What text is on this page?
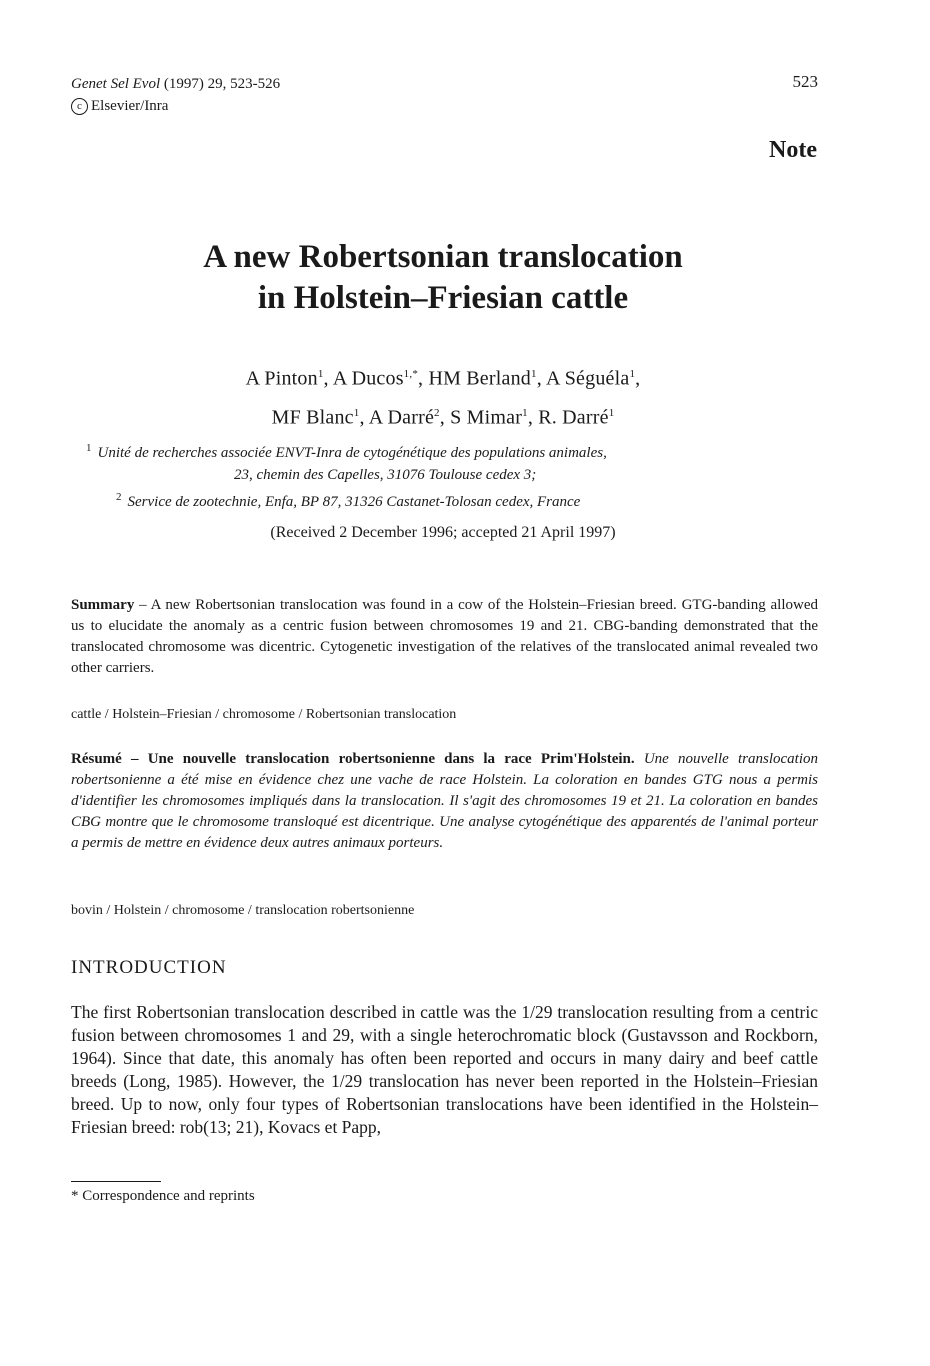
Genet Sel Evol (1997) 29, 523-526
c Elsevier/Inra
523
Note
A new Robertsonian translocation
in Holstein–Friesian cattle
A Pinton$^1$, A Ducos$^{1,*}$, HM Berland$^1$, A Séguéla$^1$,
MF Blanc$^1$, A Darré$^2$, S Mimar$^1$, R. Darré$^1$
$^1$ Unité de recherches associée ENVT-Inra de cytogénétique des populations animales,
23, chemin des Capelles, 31076 Toulouse cedex 3;
$^2$ Service de zootechnie, Enfa, BP 87, 31326 Castanet-Tolosan cedex, France
(Received 2 December 1996; accepted 21 April 1997)
Summary – A new Robertsonian translocation was found in a cow of the Holstein–Friesian breed. GTG-banding allowed us to elucidate the anomaly as a centric fusion between chromosomes 19 and 21. CBG-banding demonstrated that the translocated chromosome was dicentric. Cytogenetic investigation of the relatives of the translocated animal revealed two other carriers.
cattle / Holstein–Friesian / chromosome / Robertsonian translocation
Résumé – Une nouvelle translocation robertsonienne dans la race Prim'Holstein. Une nouvelle translocation robertsonienne a été mise en évidence chez une vache de race Holstein. La coloration en bandes GTG nous a permis d'identifier les chromosomes impliqués dans la translocation. Il s'agit des chromosomes 19 et 21. La coloration en bandes CBG montre que le chromosome transloqué est dicentrique. Une analyse cytogénétique des apparentés de l'animal porteur a permis de mettre en évidence deux autres animaux porteurs.
bovin / Holstein / chromosome / translocation robertsonienne
INTRODUCTION
The first Robertsonian translocation described in cattle was the 1/29 translocation resulting from a centric fusion between chromosomes 1 and 29, with a single heterochromatic block (Gustavsson and Rockborn, 1964). Since that date, this anomaly has often been reported and occurs in many dairy and beef cattle breeds (Long, 1985). However, the 1/29 translocation has never been reported in the Holstein–Friesian breed. Up to now, only four types of Robertsonian translocations have been identified in the Holstein–Friesian breed: rob(13; 21), Kovacs et Papp,
* Correspondence and reprints
